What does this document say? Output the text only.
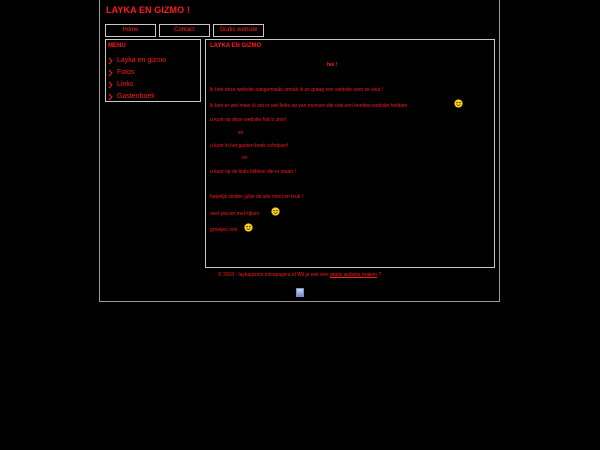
LAYKA EN GIZMO !
Home	Contact	Gratis website
MENU
Layka en gizmo
Fotos
Links
Gastenboek
LAYKA EN GIZMO
hoi !
ik heb deze website aangemaakt omdat ik zo graag een website voor ze wou !
ik ben er wel meer ik zet er wel links op van mensen die ook een honden website hebben
u kunt op deze website foto's zien!
en
u kunt in het gasten boek schrijven!
en
u kunt op de links klikken die er staan !
hopelijk vinden jullie de site mooi en leuk !
veel plezier met kijken
groetjes orlo
© 2018 - laykagizmo.inloopagina.nl Wil je ook een gratis website maken ?
